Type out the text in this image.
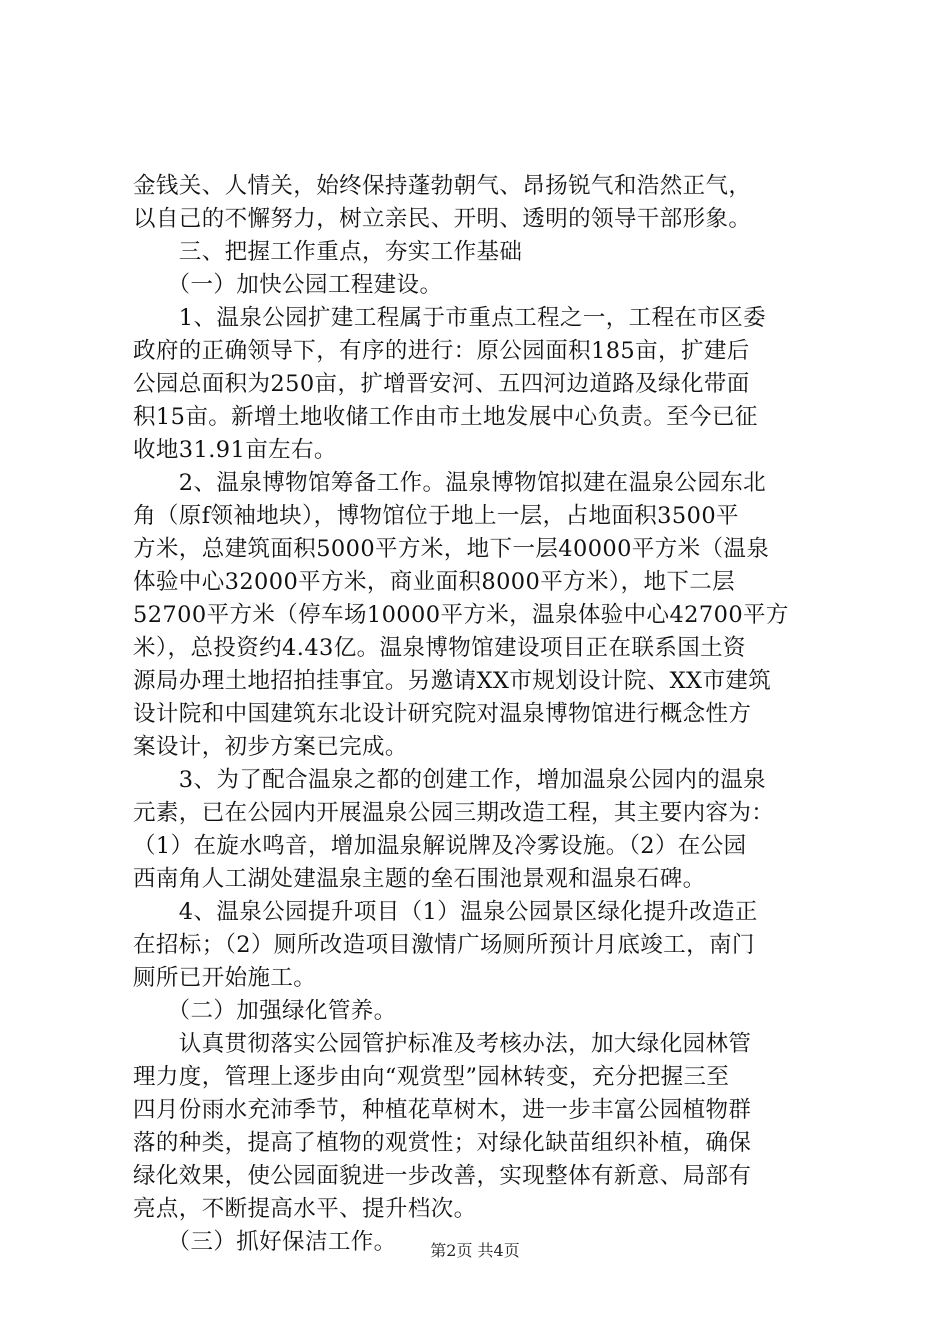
金钱关、人情关，始终保持蓬勃朝气、昂扬锐气和浩然正气，
以自己的不懈努力，树立亲民、开明、透明的领导干部形象。
　　三、把握工作重点，夯实工作基础
　　（一）加快公园工程建设。
　　1、温泉公园扩建工程属于市重点工程之一，工程在市区委
政府的正确领导下，有序的进行：原公园面积185亩，扩建后
公园总面积为250亩，扩增晋安河、五四河边道路及绿化带面
积15亩。新增土地收储工作由市土地发展中心负责。至今已征
收地31.91亩左右。
　　2、温泉博物馆筹备工作。温泉博物馆拟建在温泉公园东北
角（原f领袖地块），博物馆位于地上一层，占地面积3500平
方米，总建筑面积5000平方米，地下一层40000平方米（温泉
体验中心32000平方米，商业面积8000平方米），地下二层
52700平方米（停车场10000平方米，温泉体验中心42700平方
米），总投资约4.43亿。温泉博物馆建设项目正在联系国土资
源局办理土地招拍挂事宜。另邀请XX市规划设计院、XX市建筑
设计院和中国建筑东北设计研究院对温泉博物馆进行概念性方
案设计，初步方案已完成。
　　3、为了配合温泉之都的创建工作，增加温泉公园内的温泉
元素，已在公园内开展温泉公园三期改造工程，其主要内容为：
（1）在旋水鸣音，增加温泉解说牌及冷雾设施。（2）在公园
西南角人工湖处建温泉主题的垒石围池景观和温泉石碑。
　　4、温泉公园提升项目（1）温泉公园景区绿化提升改造正
在招标；（2）厕所改造项目激情广场厕所预计月底竣工，南门
厕所已开始施工。
　　（二）加强绿化管养。
　　认真贯彻落实公园管护标准及考核办法，加大绿化园林管
理力度，管理上逐步由向“观赏型”园林转变，充分把握三至
四月份雨水充沛季节，种植花草树木，进一步丰富公园植物群
落的种类，提高了植物的观赏性；对绿化缺苗组织补植，确保
绿化效果，使公园面貌进一步改善，实现整体有新意、局部有
亮点，不断提高水平、提升档次。
　　（三）抓好保洁工作。	第2页 共4页
